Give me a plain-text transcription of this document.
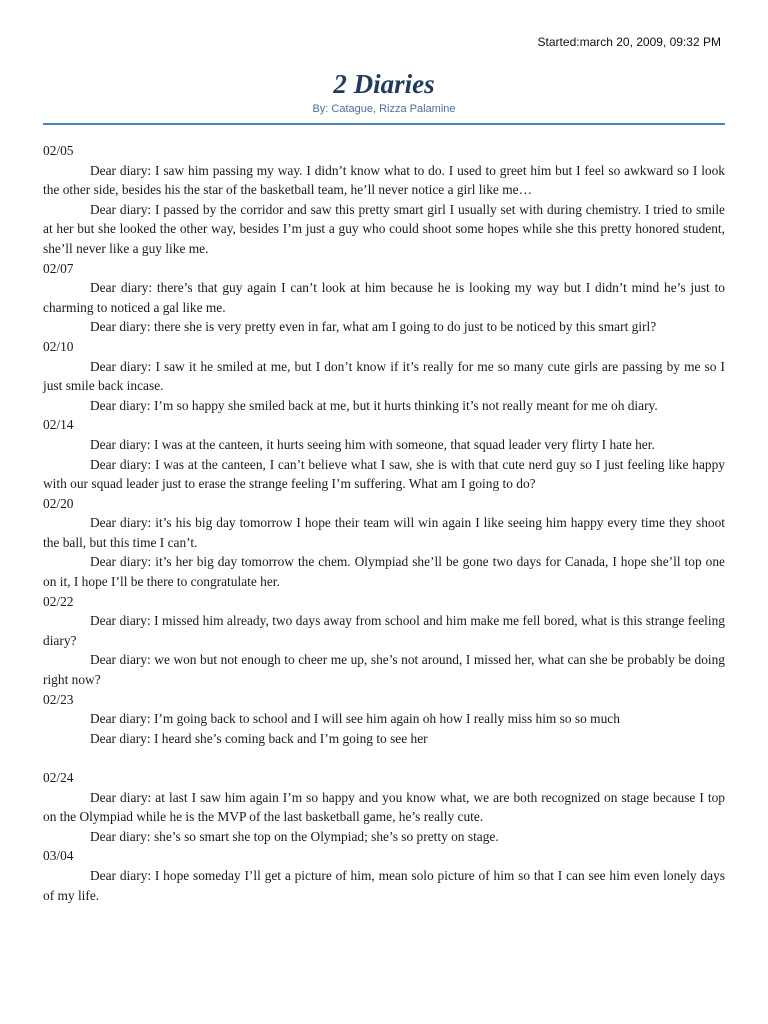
Started:march 20, 2009, 09:32 PM
2 Diaries
By: Catague, Rizza Palamine

02/05

Dear diary: I saw him passing my way. I didn’t know what to do. I used to greet him but I feel so awkward so I look the other side, besides his the star of the basketball team, he’ll never notice a girl like me…

Dear diary: I passed by the corridor and saw this pretty smart girl I usually set with during chemistry. I tried to smile at her but she looked the other way, besides I’m just a guy who could shoot some hopes while she this pretty honored student, she’ll never like a guy like me.

02/07

Dear diary: there’s that guy again I can’t look at him because he is looking my way but I didn’t mind he’s just to charming to noticed a gal like me.

Dear diary: there she is very pretty even in far, what am I going to do just to be noticed by this smart girl?

02/10

Dear diary: I saw it he smiled at me, but I don’t know if it’s really for me so many cute girls are passing by me so I just smile back incase.

Dear diary: I’m so happy she smiled back at me, but it hurts thinking it’s not really meant for me oh diary.

02/14

Dear diary: I was at the canteen, it hurts seeing him with someone, that squad leader very flirty I hate her.

Dear diary: I was at the canteen, I can’t believe what I saw, she is with that cute nerd guy so I just feeling like happy with our squad leader just to erase the strange feeling I’m suffering. What am I going to do?

02/20

Dear diary: it’s his big day tomorrow I hope their team will win again I like seeing him happy every time they shoot the ball, but this time I can’t.

Dear diary: it’s her big day tomorrow the chem. Olympiad she’ll be gone two days for Canada, I hope she’ll top one on it, I hope I’ll be there to congratulate her.

02/22

Dear diary: I missed him already, two days away from school and him make me fell bored, what is this strange feeling diary?

Dear diary: we won but not enough to cheer me up, she’s not around, I missed her, what can she be probably be doing right now?

02/23

Dear diary: I’m going back to school and I will see him again oh how I really miss him so so much

Dear diary: I heard she’s coming back and I’m going to see her

02/24

Dear diary: at last I saw him again I’m so happy and you know what, we are both recognized on stage because I top on the Olympiad while he is the MVP of the last basketball game, he’s really cute.

Dear diary: she’s so smart she top on the Olympiad; she’s so pretty on stage.

03/04

Dear diary: I hope someday I’ll get a picture of him, mean solo picture of him so that I can see him even lonely days of my life.
